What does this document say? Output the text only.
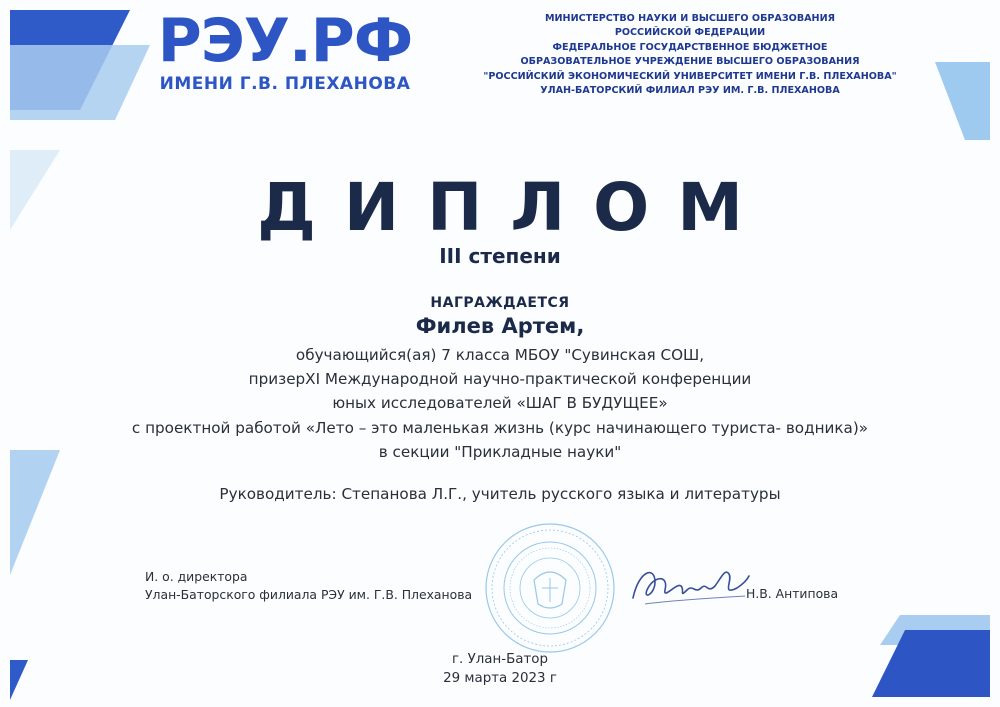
РЭУ.РФ
ИМЕНИ Г.В. ПЛЕХАНОВА
МИНИСТЕРСТВО НАУКИ И ВЫСШЕГО ОБРАЗОВАНИЯ
РОССИЙСКОЙ ФЕДЕРАЦИИ
ФЕДЕРАЛЬНОЕ ГОСУДАРСТВЕННОЕ БЮДЖЕТНОЕ
ОБРАЗОВАТЕЛЬНОЕ УЧРЕЖДЕНИЕ ВЫСШЕГО ОБРАЗОВАНИЯ
"РОССИЙСКИЙ ЭКОНОМИЧЕСКИЙ УНИВЕРСИТЕТ ИМЕНИ Г.В. ПЛЕХАНОВА"
УЛАН-БАТОРСКИЙ ФИЛИАЛ РЭУ ИМ. Г.В. ПЛЕХАНОВА
ДИПЛОМ
III степени
НАГРАЖДАЕТСЯ
Филев Артем,
обучающийся(ая) 7 класса МБОУ "Сувинская СОШ,
призерXI Международной научно-практической конференции
юных исследователей «ШАГ В БУДУЩЕЕ»
с проектной работой «Лето – это маленькая жизнь (курс начинающего туриста- водника)»
в секции "Прикладные науки"
Руководитель: Степанова Л.Г., учитель русского языка и литературы
И. о. директора
Улан-Баторского филиала РЭУ им. Г.В. Плеханова	Н.В. Антипова
г. Улан-Батор
29 марта 2023 г
